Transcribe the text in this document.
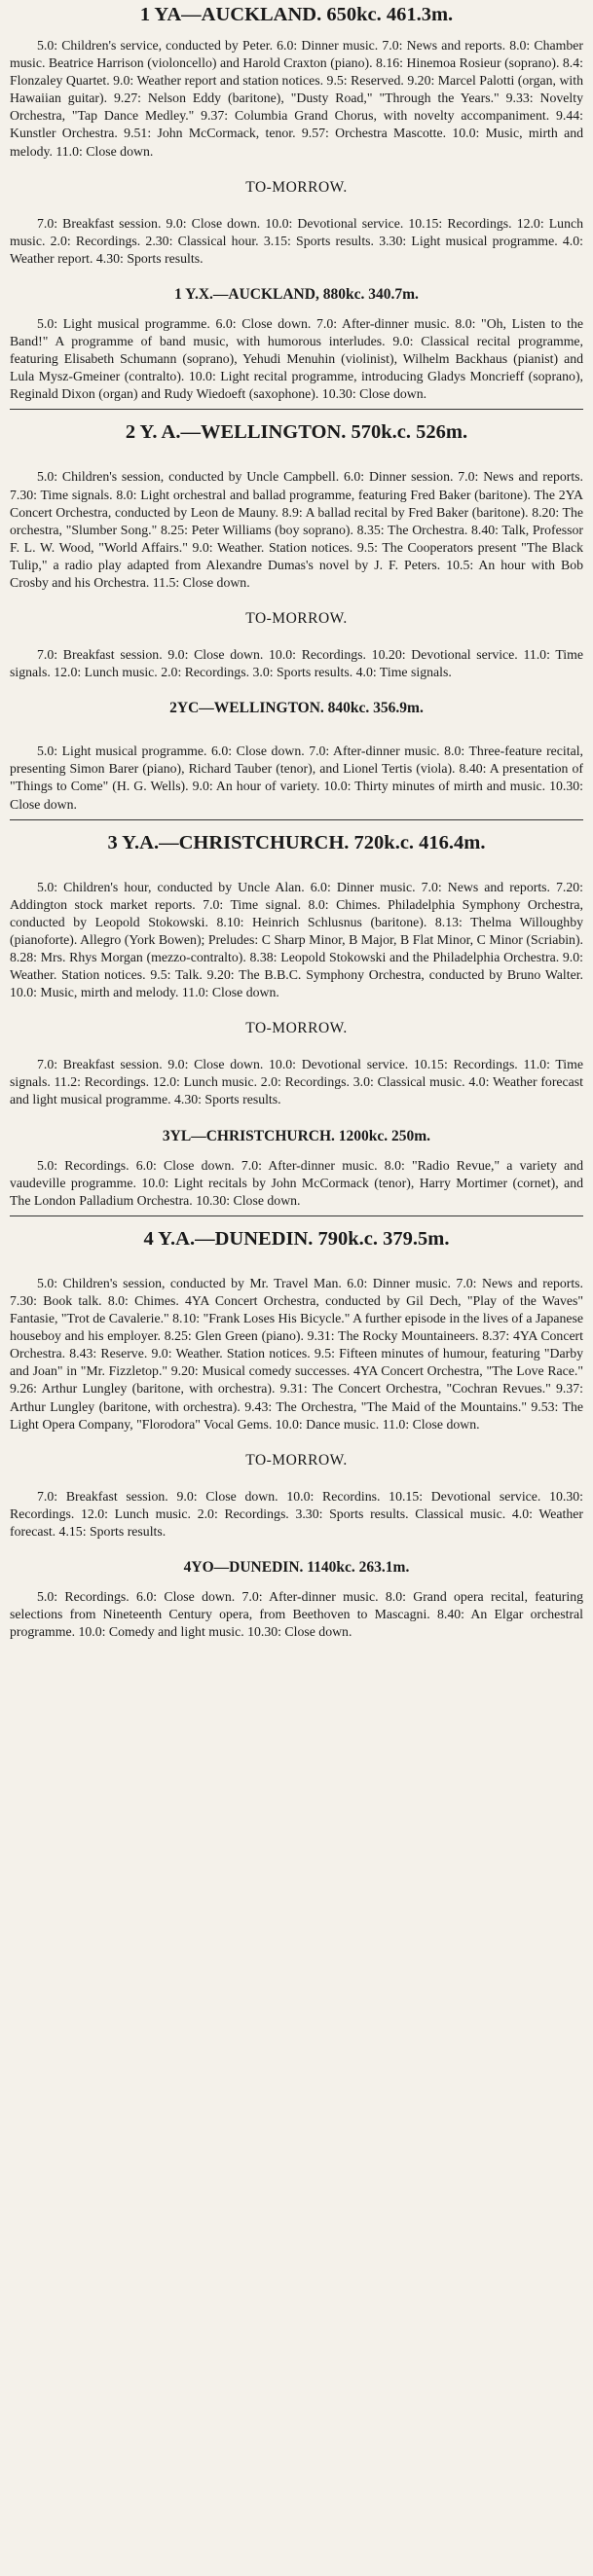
1 YA—AUCKLAND. 650kc. 461.3m.

5.0: Children's service, conducted by Peter. 6.0: Dinner music. 7.0: News and reports. 8.0: Chamber music. Beatrice Harrison (violoncello) and Harold Craxton (piano). 8.16: Hinemoa Rosieur (soprano). 8.4: Flonzaley Quartet. 9.0: Weather report and station notices. 9.5: Reserved. 9.20: Marcel Palotti (organ, with Hawaiian guitar). 9.27: Nelson Eddy (baritone), "Dusty Road," "Through the Years." 9.33: Novelty Orchestra, "Tap Dance Medley." 9.37: Columbia Grand Chorus, with novelty accompaniment. 9.44: Kunstler Orchestra. 9.51: John McCormack, tenor. 9.57: Orchestra Mascotte. 10.0: Music, mirth and melody. 11.0: Close down.

TO-MORROW.

7.0: Breakfast session. 9.0: Close down. 10.0: Devotional service. 10.15: Recordings. 12.0: Lunch music. 2.0: Recordings. 2.30: Classical hour. 3.15: Sports results. 3.30: Light musical programme. 4.0: Weather report. 4.30: Sports results.

1 Y.X.—AUCKLAND, 880kc. 340.7m.

5.0: Light musical programme. 6.0: Close down. 7.0: After-dinner music. 8.0: "Oh, Listen to the Band!" A programme of band music, with humorous interludes. 9.0: Classical recital programme, featuring Elisabeth Schumann (soprano), Yehudi Menuhin (violinist), Wilhelm Backhaus (pianist) and Lula Mysz-Gmeiner (contralto). 10.0: Light recital programme, introducing Gladys Moncrieff (soprano), Reginald Dixon (organ) and Rudy Wiedoeft (saxophone). 10.30: Close down.

2 Y. A.—WELLINGTON. 570k.c. 526m.

5.0: Children's session, conducted by Uncle Campbell. 6.0: Dinner session. 7.0: News and reports. 7.30: Time signals. 8.0: Light orchestral and ballad programme, featuring Fred Baker (baritone). The 2YA Concert Orchestra, conducted by Leon de Mauny. 8.9: A ballad recital by Fred Baker (baritone). 8.20: The orchestra, "Slumber Song." 8.25: Peter Williams (boy soprano). 8.35: The Orchestra. 8.40: Talk, Professor F. L. W. Wood, "World Affairs." 9.0: Weather. Station notices. 9.5: The Cooperators present "The Black Tulip," a radio play adapted from Alexandre Dumas's novel by J. F. Peters. 10.5: An hour with Bob Crosby and his Orchestra. 11.5: Close down.

TO-MORROW.

7.0: Breakfast session. 9.0: Close down. 10.0: Recordings. 10.20: Devotional service. 11.0: Time signals. 12.0: Lunch music. 2.0: Recordings. 3.0: Sports results. 4.0: Time signals.

2YC—WELLINGTON. 840kc. 356.9m.

5.0: Light musical programme. 6.0: Close down. 7.0: After-dinner music. 8.0: Three-feature recital, presenting Simon Barer (piano), Richard Tauber (tenor), and Lionel Tertis (viola). 8.40: A presentation of "Things to Come" (H. G. Wells). 9.0: An hour of variety. 10.0: Thirty minutes of mirth and music. 10.30: Close down.

3 Y.A.—CHRISTCHURCH. 720k.c. 416.4m.

5.0: Children's hour, conducted by Uncle Alan. 6.0: Dinner music. 7.0: News and reports. 7.20: Addington stock market reports. 7.0: Time signal. 8.0: Chimes. Philadelphia Symphony Orchestra, conducted by Leopold Stokowski. 8.10: Heinrich Schlusnus (baritone). 8.13: Thelma Willoughby (pianoforte). Allegro (York Bowen); Preludes: C Sharp Minor, B Major, B Flat Minor, C Minor (Scriabin). 8.28: Mrs. Rhys Morgan (mezzo-contralto). 8.38: Leopold Stokowski and the Philadelphia Orchestra. 9.0: Weather. Station notices. 9.5: Talk. 9.20: The B.B.C. Symphony Orchestra, conducted by Bruno Walter. 10.0: Music, mirth and melody. 11.0: Close down.

TO-MORROW.

7.0: Breakfast session. 9.0: Close down. 10.0: Devotional service. 10.15: Recordings. 11.0: Time signals. 11.2: Recordings. 12.0: Lunch music. 2.0: Recordings. 3.0: Classical music. 4.0: Weather forecast and light musical programme. 4.30: Sports results.

3YL—CHRISTCHURCH. 1200kc. 250m.

5.0: Recordings. 6.0: Close down. 7.0: After-dinner music. 8.0: "Radio Revue," a variety and vaudeville programme. 10.0: Light recitals by John McCormack (tenor), Harry Mortimer (cornet), and The London Palladium Orchestra. 10.30: Close down.

4 Y.A.—DUNEDIN. 790k.c. 379.5m.

5.0: Children's session, conducted by Mr. Travel Man. 6.0: Dinner music. 7.0: News and reports. 7.30: Book talk. 8.0: Chimes. 4YA Concert Orchestra, conducted by Gil Dech, "Play of the Waves" Fantasie, "Trot de Cavalerie." 8.10: "Frank Loses His Bicycle." A further episode in the lives of a Japanese houseboy and his employer. 8.25: Glen Green (piano). 9.31: The Rocky Mountaineers. 8.37: 4YA Concert Orchestra. 8.43: Reserve. 9.0: Weather. Station notices. 9.5: Fifteen minutes of humour, featuring "Darby and Joan" in "Mr. Fizzletop." 9.20: Musical comedy successes. 4YA Concert Orchestra, "The Love Race." 9.26: Arthur Lungley (baritone, with orchestra). 9.31: The Concert Orchestra, "Cochran Revues." 9.37: Arthur Lungley (baritone, with orchestra). 9.43: The Orchestra, "The Maid of the Mountains." 9.53: The Light Opera Company, "Florodora" Vocal Gems. 10.0: Dance music. 11.0: Close down.

TO-MORROW.

7.0: Breakfast session. 9.0: Close down. 10.0: Recordins. 10.15: Devotional service. 10.30: Recordings. 12.0: Lunch music. 2.0: Recordings. 3.30: Sports results. Classical music. 4.0: Weather forecast. 4.15: Sports results.

4YO—DUNEDIN. 1140kc. 263.1m.

5.0: Recordings. 6.0: Close down. 7.0: After-dinner music. 8.0: Grand opera recital, featuring selections from Nineteenth Century opera, from Beethoven to Mascagni. 8.40: An Elgar orchestral programme. 10.0: Comedy and light music. 10.30: Close down.
